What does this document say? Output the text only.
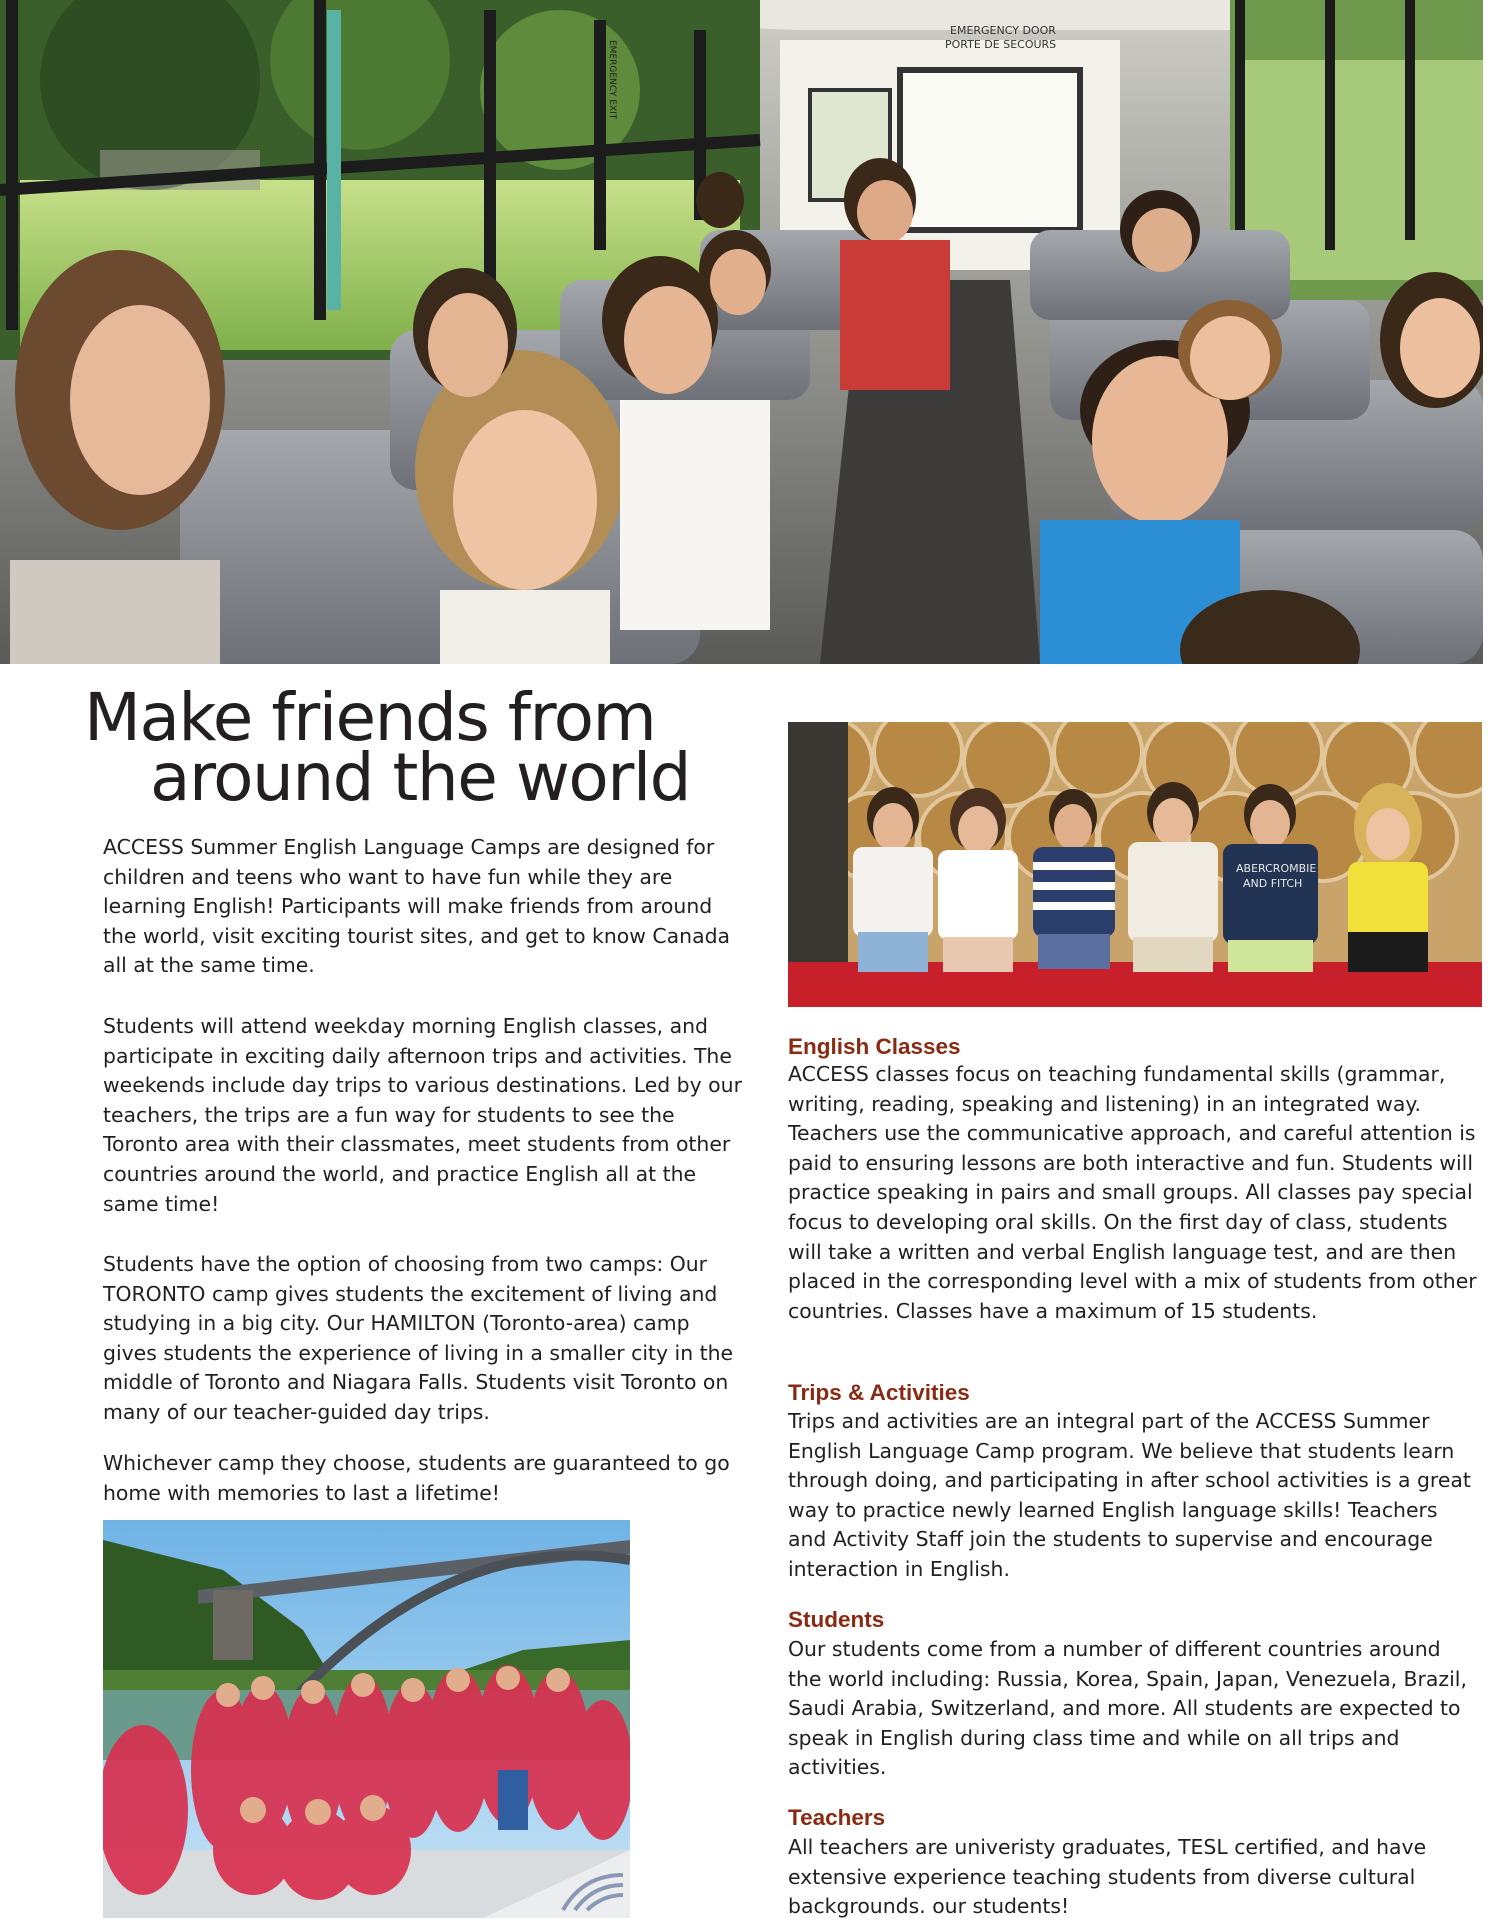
EMERGENCY DOOR
PORTE DE SECOURS
EMERGENCY EXIT
Make friends from
around the world

ACCESS Summer English Language Camps are designed for children and teens who want to have fun while they are learning English! Participants will make friends from around the world, visit exciting tourist sites, and get to know Canada all at the same time.

Students will attend weekday morning English classes, and participate in exciting daily afternoon trips and activities. The weekends include day trips to various destinations. Led by our teachers, the trips are a fun way for students to see the Toronto area with their classmates, meet students from other countries around the world, and practice English all at the same time!

Students have the option of choosing from two camps: Our TORONTO camp gives students the excitement of living and studying in a big city. Our HAMILTON (Toronto-area) camp gives students the experience of living in a smaller city in the middle of Toronto and Niagara Falls. Students visit Toronto on many of our teacher-guided day trips.

Whichever camp they choose, students are guaranteed to go home with memories to last a lifetime!

ABERCROMBIE
AND FITCH
English Classes

ACCESS classes focus on teaching fundamental skills (grammar, writing, reading, speaking and listening) in an integrated way. Teachers use the communicative approach, and careful attention is paid to ensuring lessons are both interactive and fun. Students will practice speaking in pairs and small groups. All classes pay special focus to developing oral skills. On the first day of class, students will take a written and verbal English language test, and are then placed in the corresponding level with a mix of students from other countries. Classes have a maximum of 15 students.

Trips & Activities

Trips and activities are an integral part of the ACCESS Summer English Language Camp program. We believe that students learn through doing, and participating in after school activities is a great way to practice newly learned English language skills! Teachers and Activity Staff join the students to supervise and encourage interaction in English.

Students

Our students come from a number of different countries around the world including: Russia, Korea, Spain, Japan, Venezuela, Brazil, Saudi Arabia, Switzerland, and more. All students are expected to speak in English during class time and while on all trips and activities.

Teachers

All teachers are univeristy graduates, TESL certified, and have extensive experience teaching students from diverse cultural backgrounds. our students!
